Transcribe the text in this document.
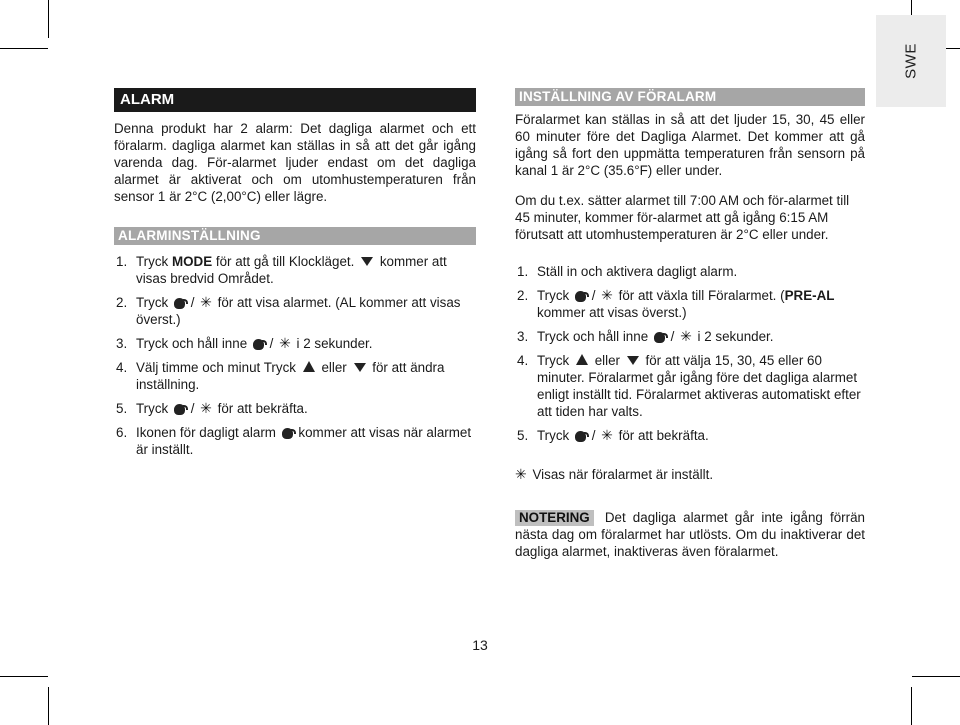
SWE
ALARM

Denna produkt har 2 alarm: Det dagliga alarmet och ett föralarm. dagliga alarmet kan ställas in så att det går igång varenda dag. För-alarmet ljuder endast om det dagliga alarmet är aktiverat och om utomhustemperaturen från sensor 1 är 2°C (2,00°C) eller lägre.

ALARMINSTÄLLNING
1. Tryck MODE för att gå till Klockläget. kommer att visas bredvid Området.
2. Tryck / ✳ för att visa alarmet. (AL kommer att visas överst.)
3. Tryck och håll inne / ✳ i 2 sekunder.
4. Välj timme och minut Tryck eller för att ändra inställning.
5. Tryck / ✳ för att bekräfta.
6. Ikonen för dagligt alarm kommer att visas när alarmet är inställt.
INSTÄLLNING AV FÖRALARM

Föralarmet kan ställas in så att det ljuder 15, 30, 45 eller 60 minuter före det Dagliga Alarmet. Det kommer att gå igång så fort den uppmätta temperaturen från sensorn på kanal 1 är 2°C (35.6°F) eller under.

Om du t.ex. sätter alarmet till 7:00 AM och för-alarmet till 45 minuter, kommer för-alarmet att gå igång 6:15 AM förutsatt att utomhustemperaturen är 2°C eller under.

1. Ställ in och aktivera dagligt alarm.
2. Tryck / ✳ för att växla till Föralarmet. (PRE-AL kommer att visas överst.)
3. Tryck och håll inne / ✳ i 2 sekunder.
4. Tryck eller för att välja 15, 30, 45 eller 60 minuter. Föralarmet går igång före det dagliga alarmet enligt inställt tid. Föralarmet aktiveras automatiskt efter att tiden har valts.
5. Tryck / ✳ för att bekräfta.

✳ Visas när föralarmet är inställt.

NOTERING Det dagliga alarmet går inte igång förrän nästa dag om föralarmet har utlösts. Om du inaktiverar det dagliga alarmet, inaktiveras även föralarmet.

13
